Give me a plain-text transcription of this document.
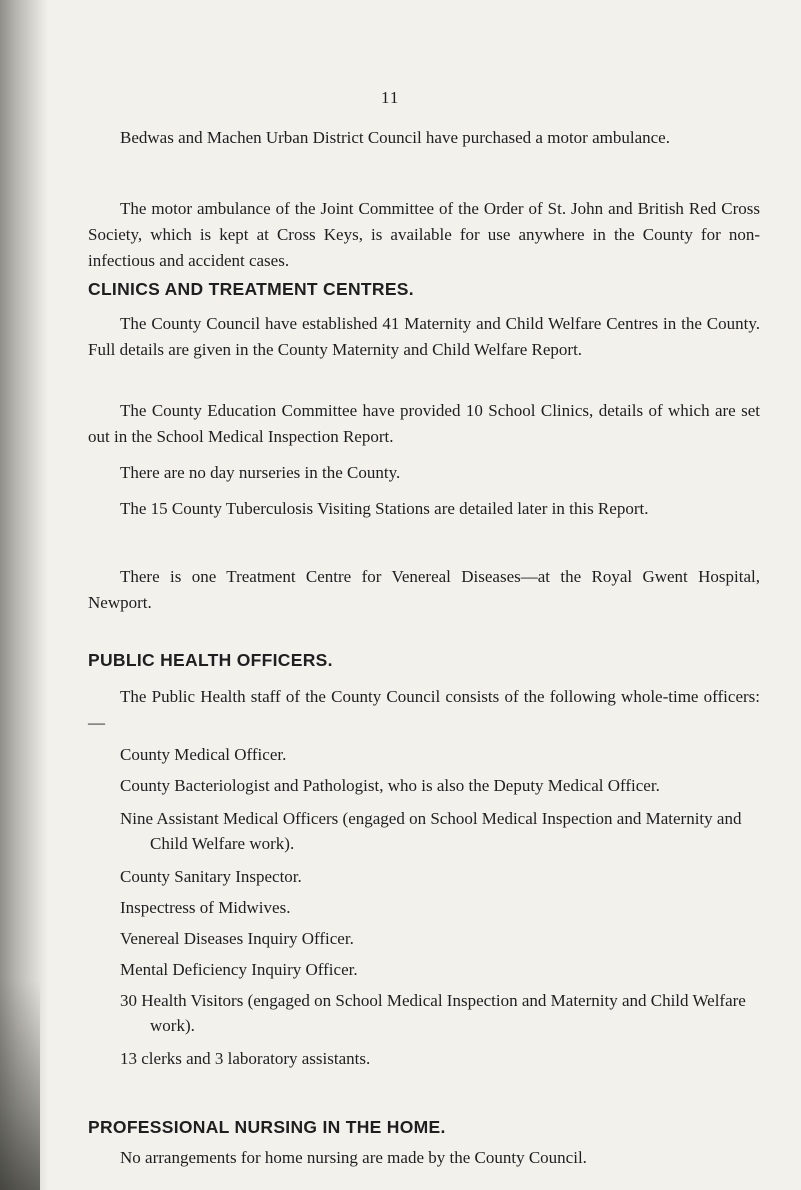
11

Bedwas and Machen Urban District Council have purchased a motor ambulance.

The motor ambulance of the Joint Committee of the Order of St. John and British Red Cross Society, which is kept at Cross Keys, is available for use anywhere in the County for non-infectious and accident cases.

CLINICS AND TREATMENT CENTRES.

The County Council have established 41 Maternity and Child Welfare Centres in the County. Full details are given in the County Maternity and Child Welfare Report.

The County Education Committee have provided 10 School Clinics, details of which are set out in the School Medical Inspection Report.

There are no day nurseries in the County.

The 15 County Tuberculosis Visiting Stations are detailed later in this Report.

There is one Treatment Centre for Venereal Diseases—at the Royal Gwent Hospital, Newport.

PUBLIC HEALTH OFFICERS.

The Public Health staff of the County Council consists of the following whole-time officers:—

County Medical Officer.
County Bacteriologist and Pathologist, who is also the Deputy Medical Officer.
Nine Assistant Medical Officers (engaged on School Medical Inspection and Maternity and Child Welfare work).
County Sanitary Inspector.
Inspectress of Midwives.
Venereal Diseases Inquiry Officer.
Mental Deficiency Inquiry Officer.
30 Health Visitors (engaged on School Medical Inspection and Maternity and Child Welfare work).
13 clerks and 3 laboratory assistants.
PROFESSIONAL NURSING IN THE HOME.

No arrangements for home nursing are made by the County Council.
